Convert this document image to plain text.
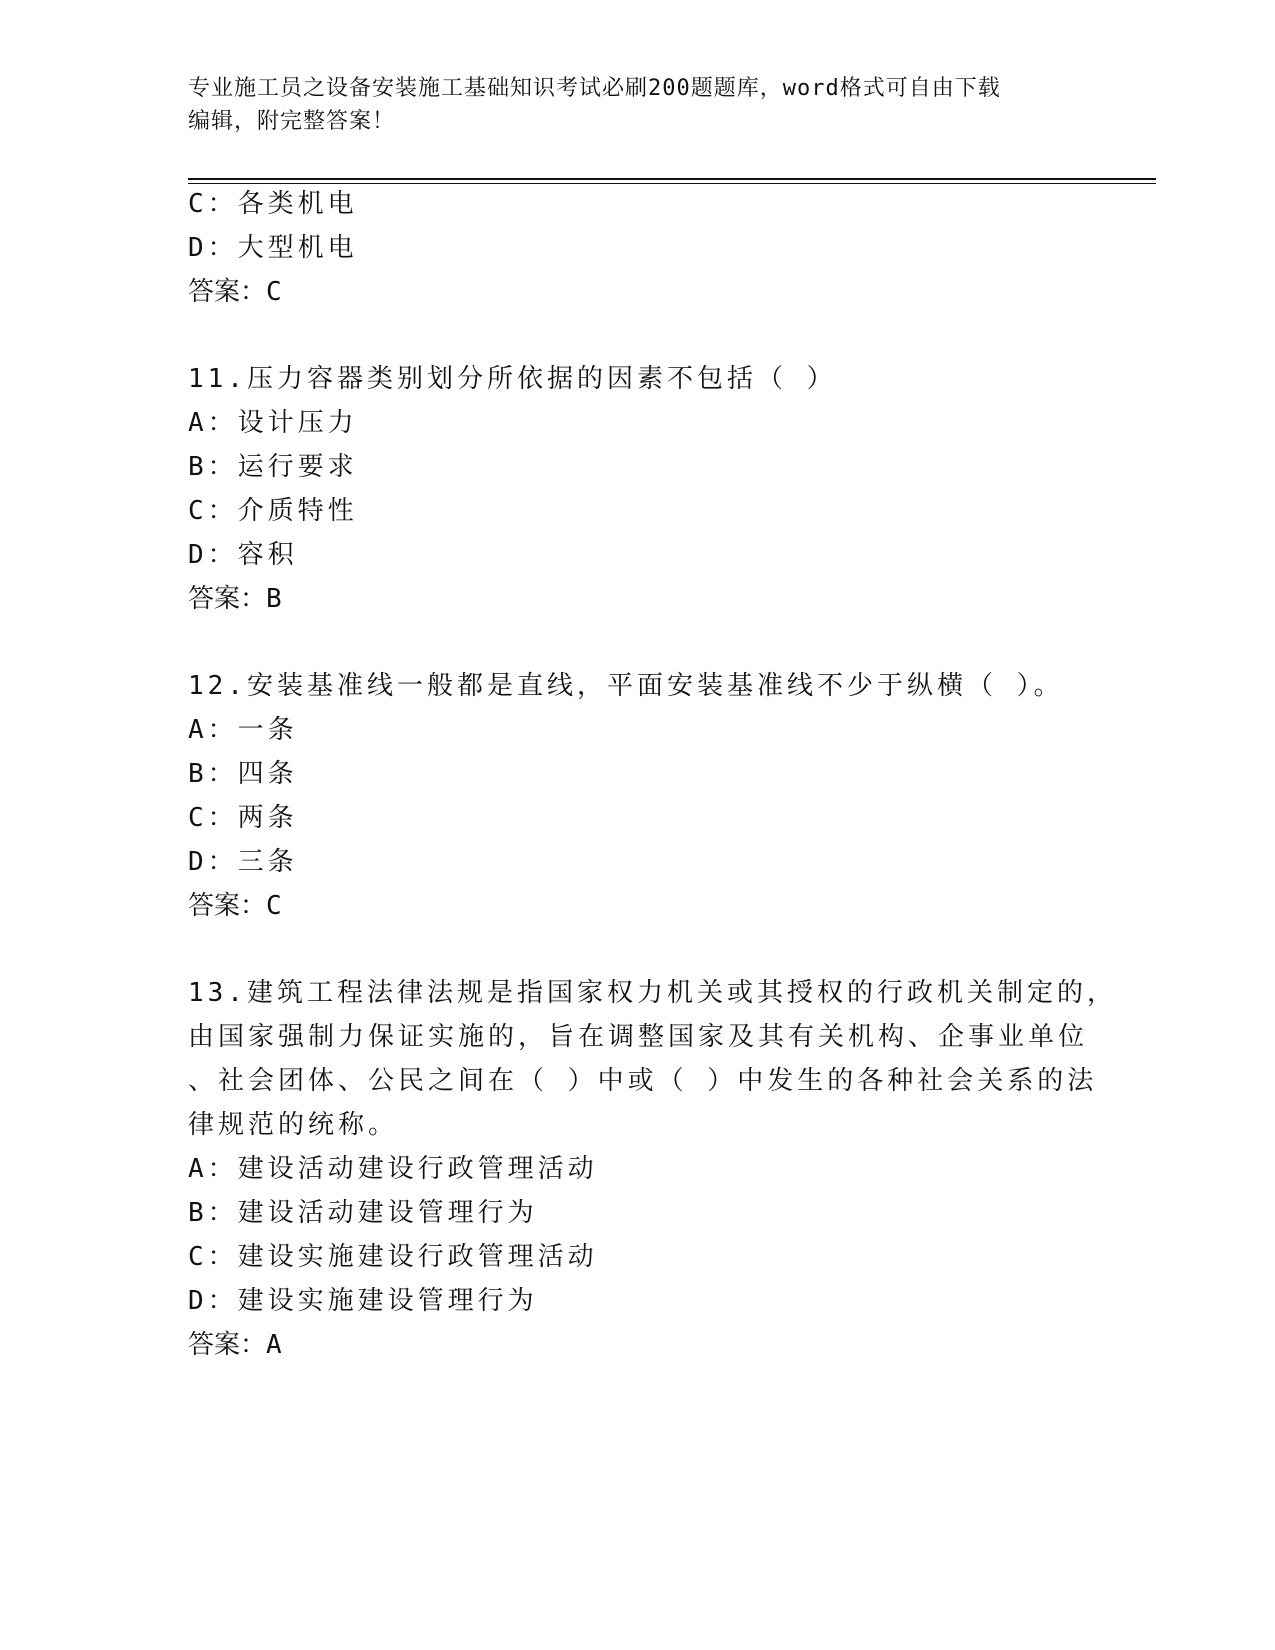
专业施工员之设备安装施工基础知识考试必刷200题题库，word格式可自由下载
编辑，附完整答案！
C：各类机电
D：大型机电
答案：C
11.压力容器类别划分所依据的因素不包括（ ）
A：设计压力
B：运行要求
C：介质特性
D：容积
答案：B
12.安装基准线一般都是直线，平面安装基准线不少于纵横（ ）。
A：一条
B：四条
C：两条
D：三条
答案：C
13.建筑工程法律法规是指国家权力机关或其授权的行政机关制定的，
由国家强制力保证实施的，旨在调整国家及其有关机构、企事业单位
、社会团体、公民之间在（ ）中或（ ）中发生的各种社会关系的法
律规范的统称。
A：建设活动建设行政管理活动
B：建设活动建设管理行为
C：建设实施建设行政管理活动
D：建设实施建设管理行为
答案：A
